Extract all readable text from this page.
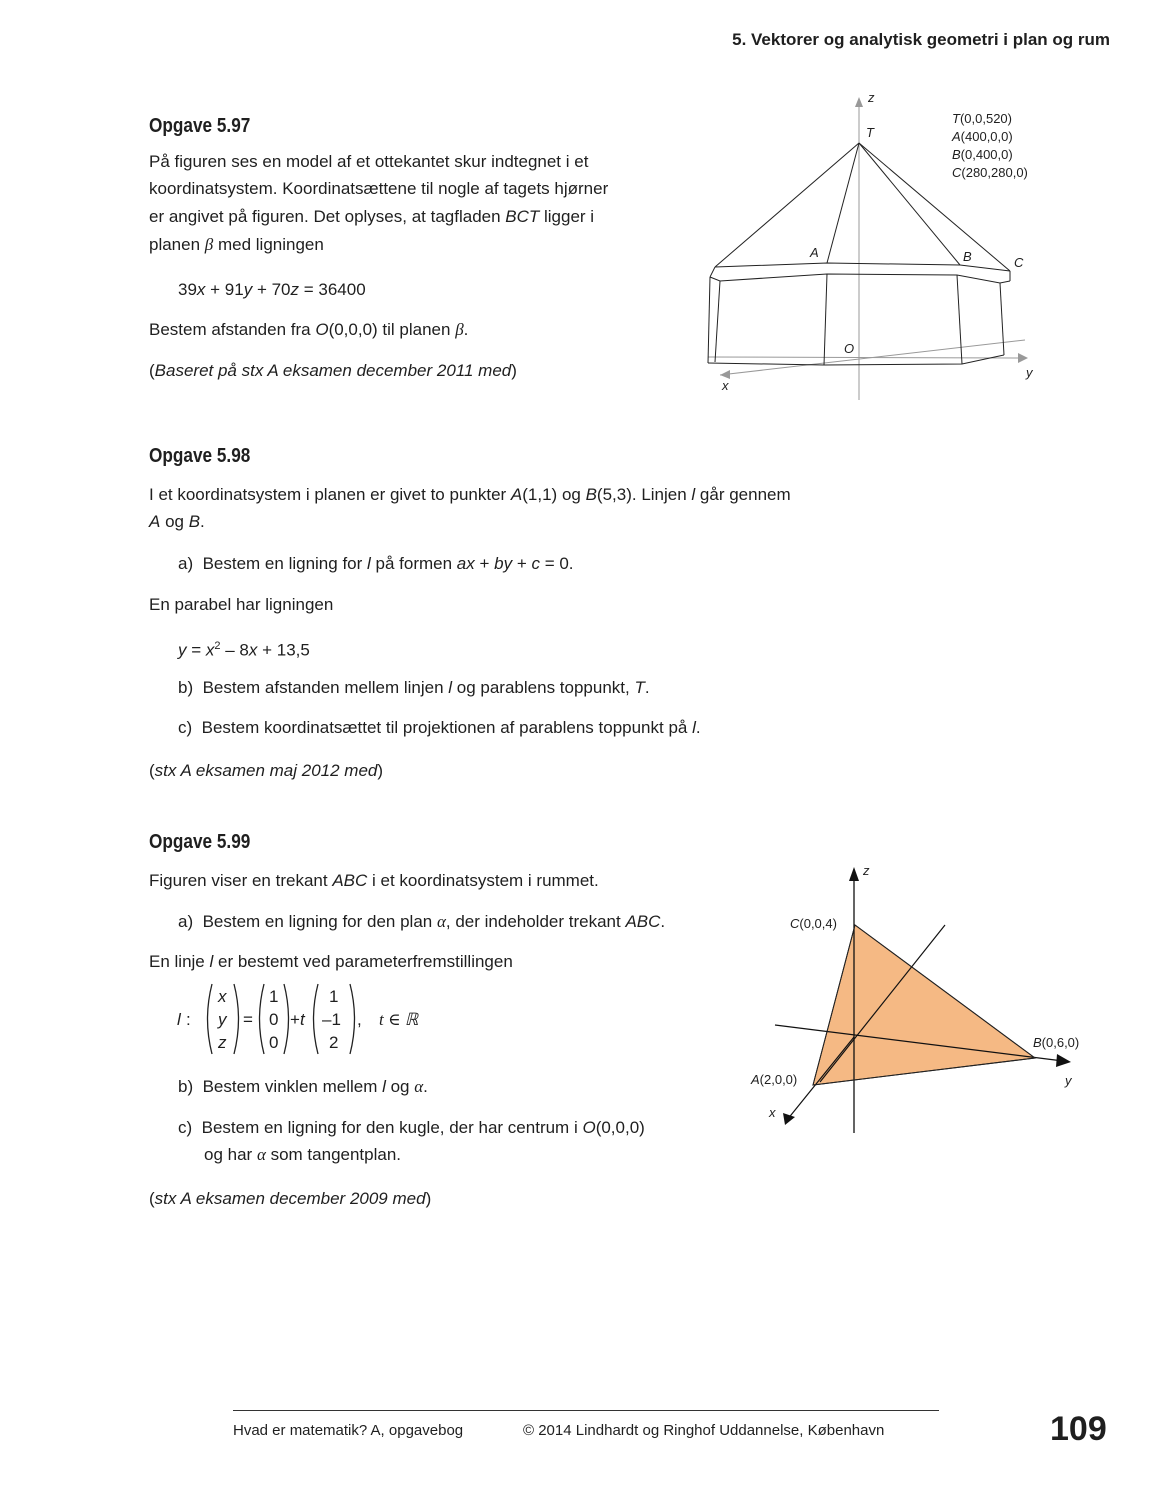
5. Vektorer og analytisk geometri i plan og rum
Opgave 5.97

På figuren ses en model af et ottekantet skur indtegnet i et

koordinatsystem. Koordinatsættene til nogle af tagets hjørner

er angivet på figuren. Det oplyses, at tagfladen BCT ligger i

planen β med ligningen

39x + 91y + 70z = 36400

Bestem afstanden fra O(0,0,0) til planen β.

(Baseret på stx A eksamen december 2011 med)

z
T
A	B	C
O
x
y
T(0,0,520)
A(400,0,0)
B(0,400,0)
C(280,280,0)
Opgave 5.98

I et koordinatsystem i planen er givet to punkter A(1,1) og B(5,3). Linjen l går gennem

A og B.

a) Bestem en ligning for l på formen ax + by + c = 0.

En parabel har ligningen

$y = x^2 - 8x + 13,5$

b) Bestem afstanden mellem linjen l og parablens toppunkt, T.

c) Bestem koordinatsættet til projektionen af parablens toppunkt på l.

(stx A eksamen maj 2012 med)

Opgave 5.99

Figuren viser en trekant ABC i et koordinatsystem i rummet.

a) Bestem en ligning for den plan α, der indeholder trekant ABC.

En linje l er bestemt ved parameterfremstillingen

l :
x
y
z
=
1
0
0
+t
1
–1
2
, t ∈ ℝ

b) Bestem vinklen mellem l og α.

c) Bestem en ligning for den kugle, der har centrum i O(0,0,0)

og har α som tangentplan.

(stx A eksamen december 2009 med)

z
y
x
C(0,0,4)
B(0,6,0)
A(2,0,0)
Hvad er matematik? A, opgavebog	© 2014 Lindhardt og Ringhof Uddannelse, København	109
